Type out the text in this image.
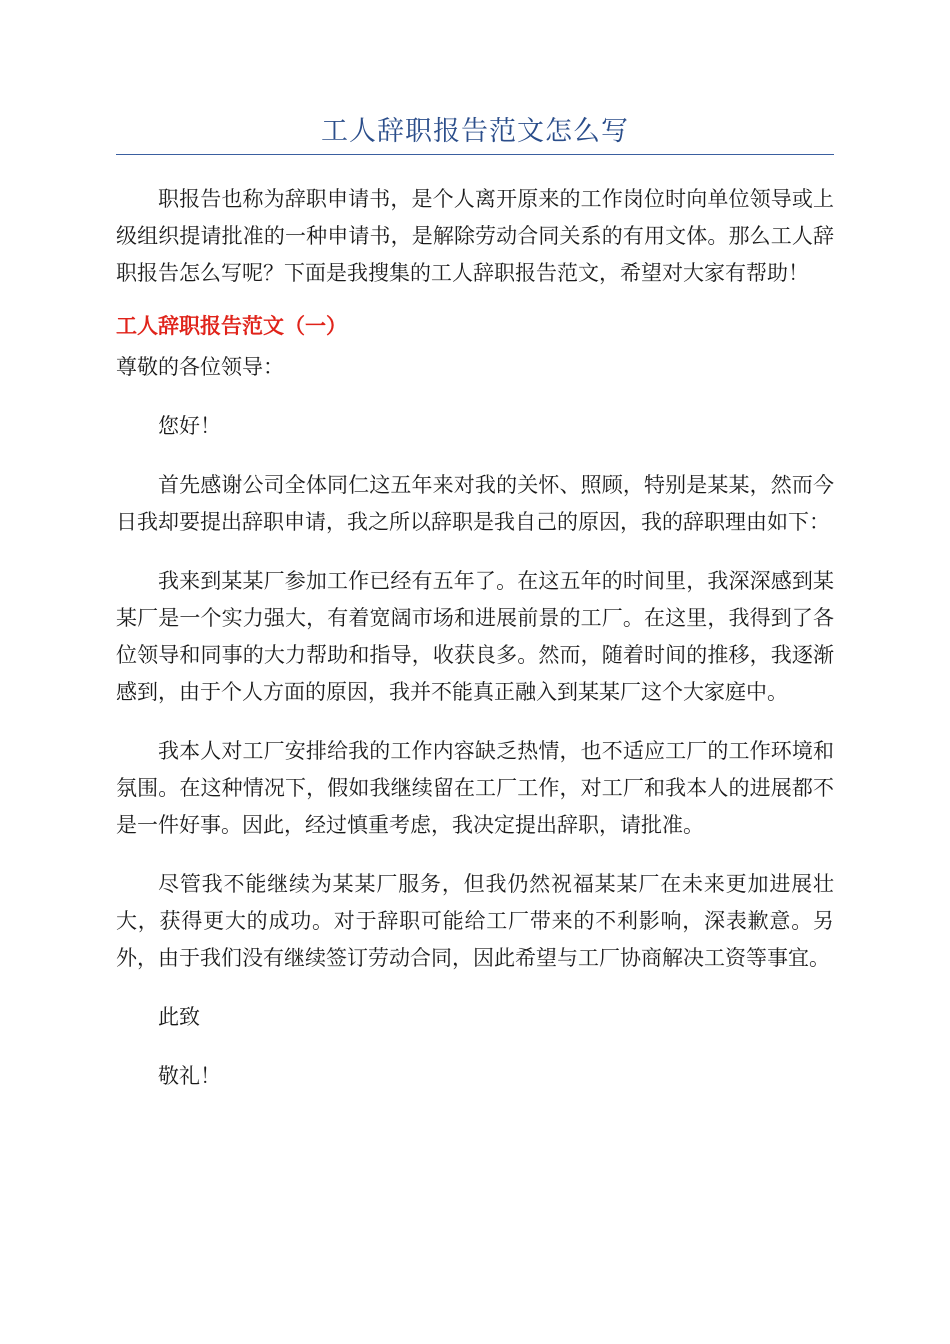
工人辞职报告范文怎么写

职报告也称为辞职申请书，是个人离开原来的工作岗位时向单位领导或上级组织提请批准的一种申请书，是解除劳动合同关系的有用文体。那么工人辞职报告怎么写呢？下面是我搜集的工人辞职报告范文，希望对大家有帮助！

工人辞职报告范文（一）

尊敬的各位领导：

您好！

首先感谢公司全体同仁这五年来对我的关怀、照顾，特别是某某，然而今日我却要提出辞职申请，我之所以辞职是我自己的原因，我的辞职理由如下：

我来到某某厂参加工作已经有五年了。在这五年的时间里，我深深感到某某厂是一个实力强大，有着宽阔市场和进展前景的工厂。在这里，我得到了各位领导和同事的大力帮助和指导，收获良多。然而，随着时间的推移，我逐渐感到，由于个人方面的原因，我并不能真正融入到某某厂这个大家庭中。

我本人对工厂安排给我的工作内容缺乏热情，也不适应工厂的工作环境和氛围。在这种情况下，假如我继续留在工厂工作，对工厂和我本人的进展都不是一件好事。因此，经过慎重考虑，我决定提出辞职，请批准。

尽管我不能继续为某某厂服务，但我仍然祝福某某厂在未来更加进展壮大，获得更大的成功。对于辞职可能给工厂带来的不利影响，深表歉意。另外，由于我们没有继续签订劳动合同，因此希望与工厂协商解决工资等事宜。

此致

敬礼！
